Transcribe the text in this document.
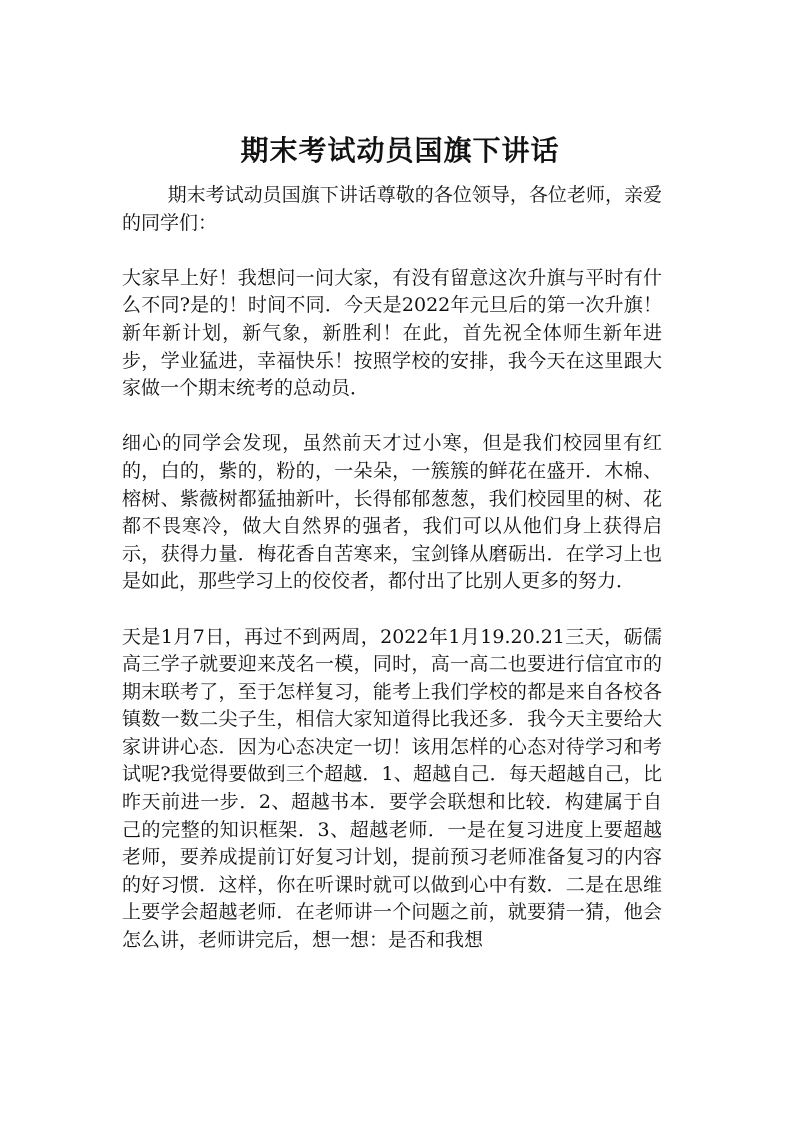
期末考试动员国旗下讲话

期末考试动员国旗下讲话尊敬的各位领导，各位老师，亲爱的同学们：

大家早上好！我想问一问大家，有没有留意这次升旗与平时有什么不同?是的！时间不同．今天是2022年元旦后的第一次升旗！新年新计划，新气象，新胜利！在此，首先祝全体师生新年进步，学业猛进，幸福快乐！按照学校的安排，我今天在这里跟大家做一个期末统考的总动员．

细心的同学会发现，虽然前天才过小寒，但是我们校园里有红的，白的，紫的，粉的，一朵朵，一簇簇的鲜花在盛开．木棉、榕树、紫薇树都猛抽新叶，长得郁郁葱葱，我们校园里的树、花都不畏寒冷，做大自然界的强者，我们可以从他们身上获得启示，获得力量．梅花香自苦寒来，宝剑锋从磨砺出．在学习上也是如此，那些学习上的佼佼者，都付出了比别人更多的努力．

天是1月7日，再过不到两周，2022年1月19.20.21三天，砺儒高三学子就要迎来茂名一模，同时，高一高二也要进行信宜市的期末联考了，至于怎样复习，能考上我们学校的都是来自各校各镇数一数二尖子生，相信大家知道得比我还多．我今天主要给大家讲讲心态．因为心态决定一切！该用怎样的心态对待学习和考试呢?我觉得要做到三个超越．1、超越自己．每天超越自己，比昨天前进一步．2、超越书本．要学会联想和比较．构建属于自己的完整的知识框架．3、超越老师．一是在复习进度上要超越老师，要养成提前订好复习计划，提前预习老师准备复习的内容的好习惯．这样，你在听课时就可以做到心中有数．二是在思维上要学会超越老师．在老师讲一个问题之前，就要猜一猜，他会怎么讲，老师讲完后，想一想：是否和我想
